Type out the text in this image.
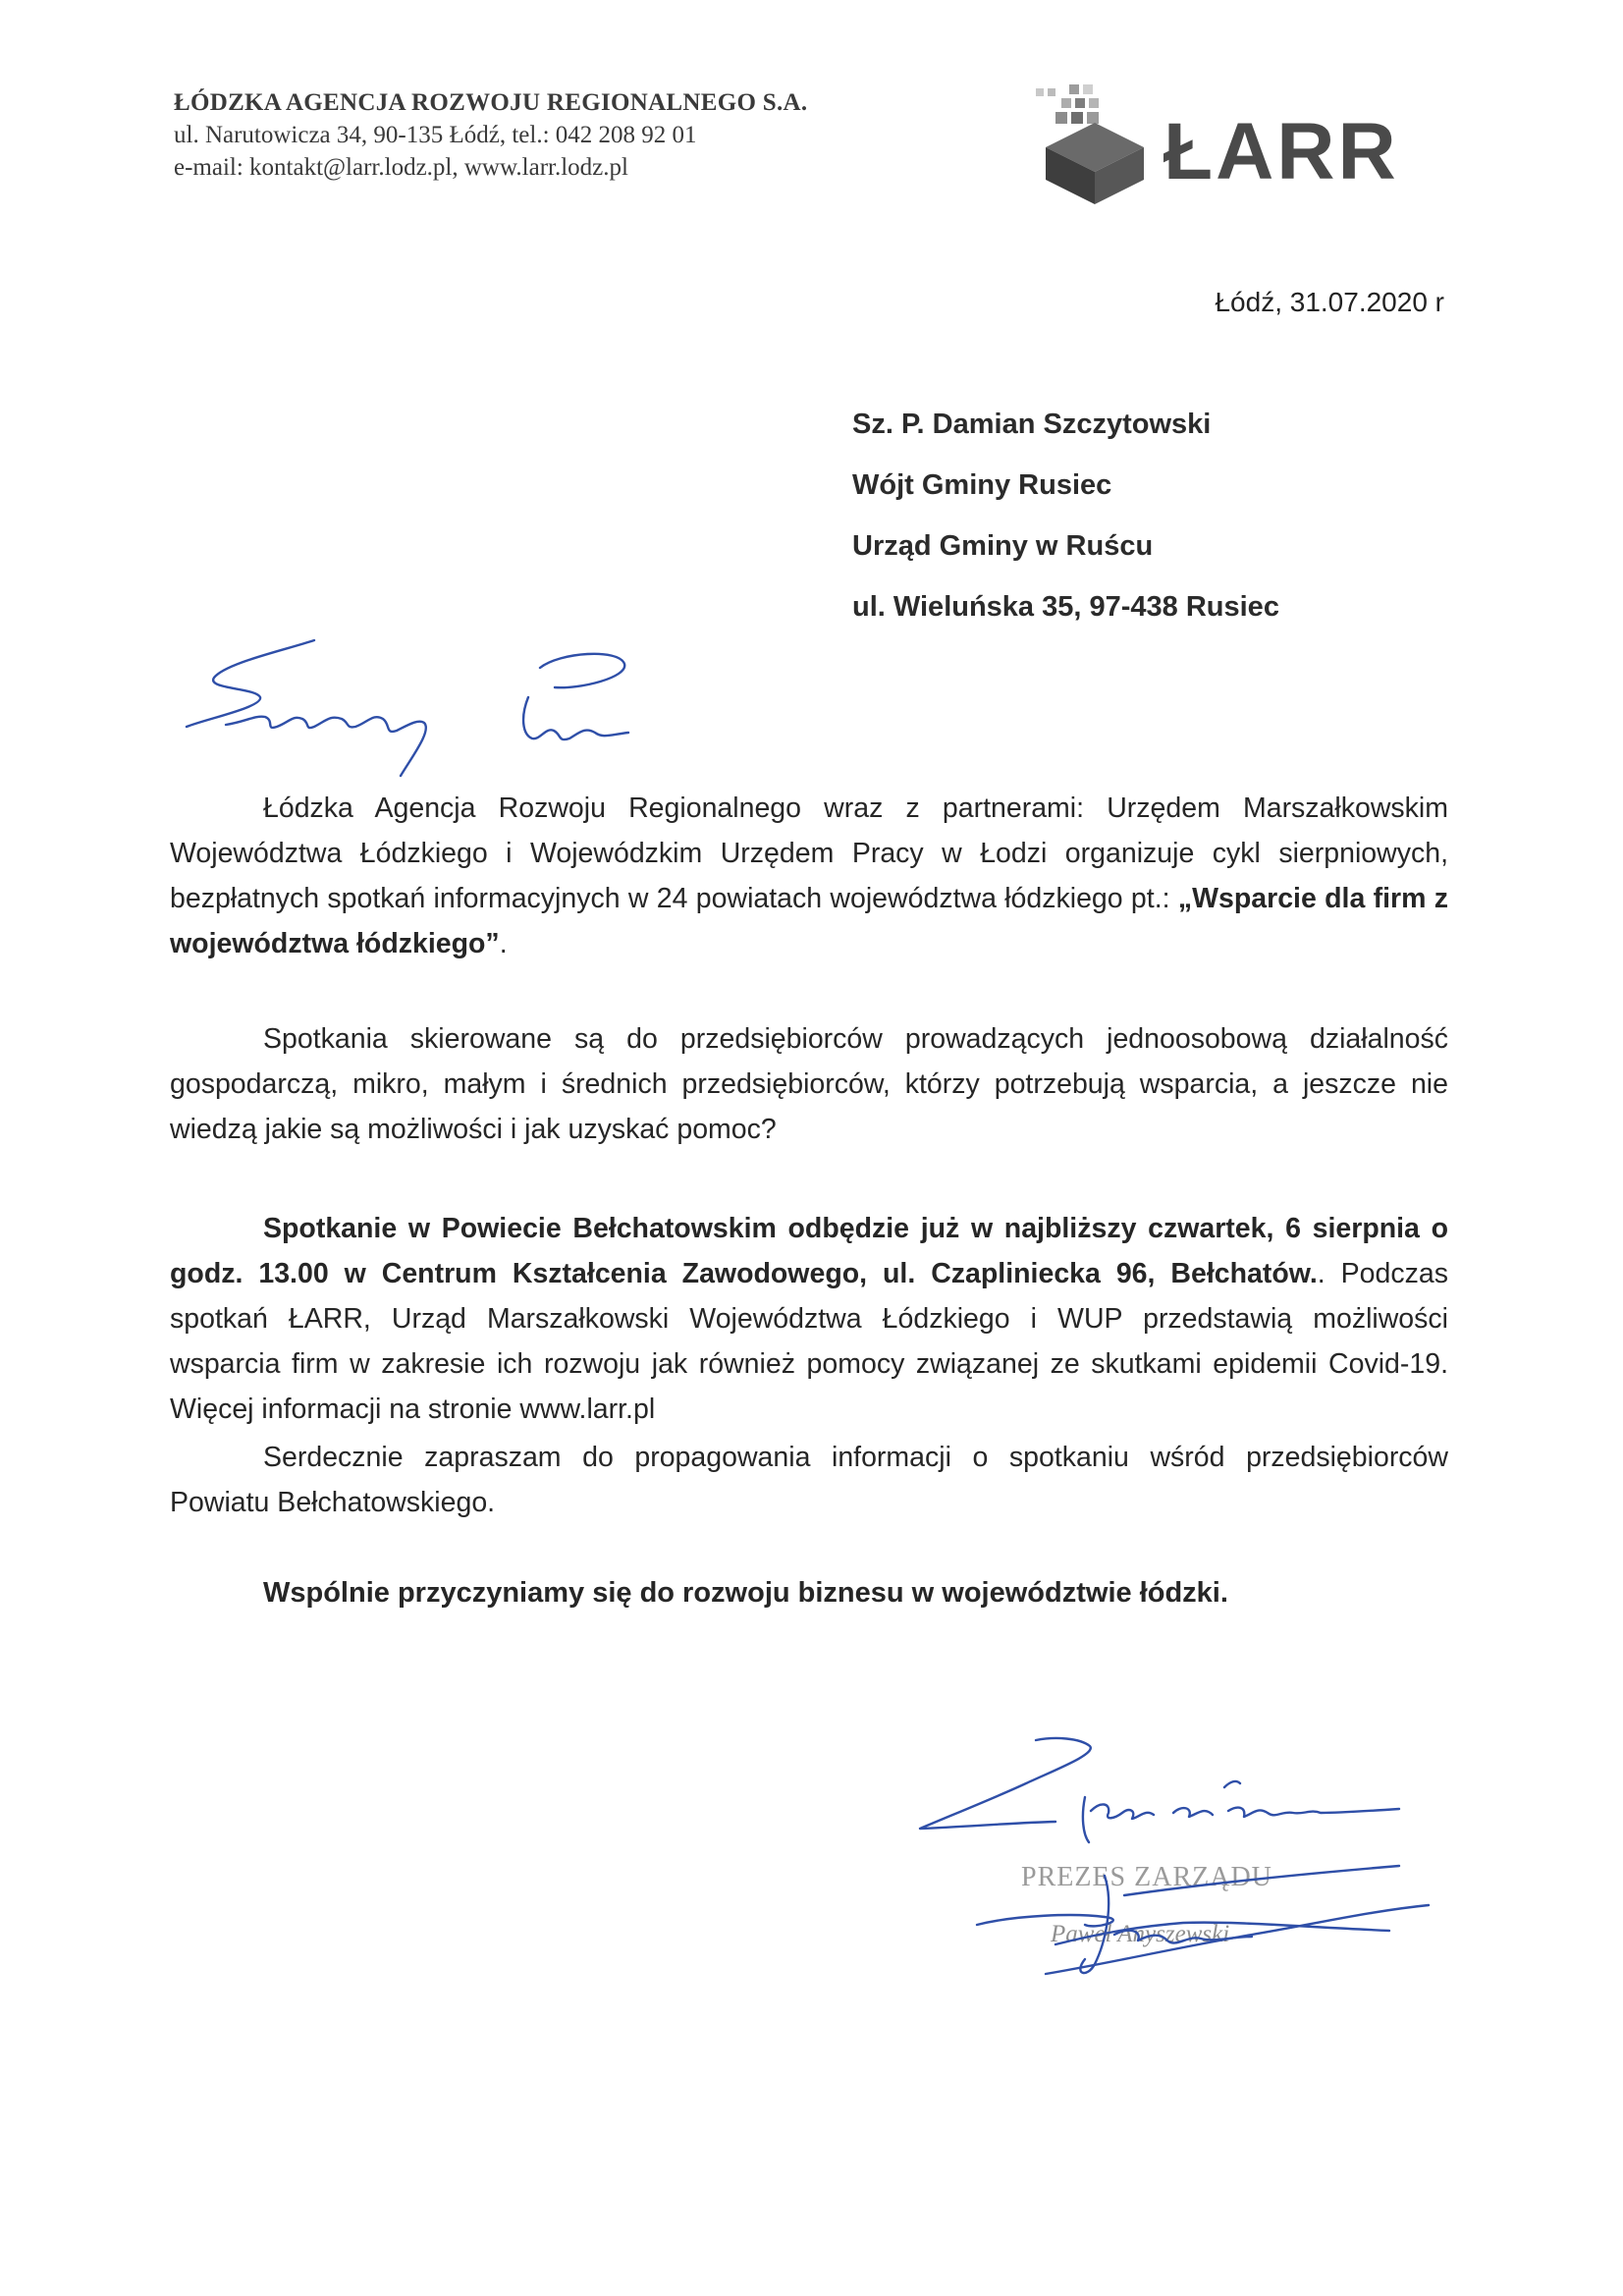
ŁÓDZKA AGENCJA ROZWOJU REGIONALNEGO S.A.
ul. Narutowicza 34, 90-135 Łódź, tel.: 042 208 92 01
e-mail: kontakt@larr.lodz.pl, www.larr.lodz.pl	ŁARR
Łódź, 31.07.2020 r
Sz. P. Damian Szczytowski
Wójt Gminy Rusiec
Urząd Gminy w Ruścu
ul. Wieluńska 35, 97-438 Rusiec
Łódzka Agencja Rozwoju Regionalnego wraz z partnerami: Urzędem Marszałkowskim Województwa Łódzkiego i Wojewódzkim Urzędem Pracy w Łodzi organizuje cykl sierpniowych, bezpłatnych spotkań informacyjnych w 24 powiatach województwa łódzkiego pt.: „Wsparcie dla firm z województwa łódzkiego”.
Spotkania skierowane są do przedsiębiorców prowadzących jednoosobową działalność gospodarczą, mikro, małym i średnich przedsiębiorców, którzy potrzebują wsparcia, a jeszcze nie wiedzą jakie są możliwości i jak uzyskać pomoc?
Spotkanie w Powiecie Bełchatowskim odbędzie już w najbliższy czwartek, 6 sierpnia o godz. 13.00 w Centrum Kształcenia Zawodowego, ul. Czapliniecka 96, Bełchatów.. Podczas spotkań ŁARR, Urząd Marszałkowski Województwa Łódzkiego i WUP przedstawią możliwości wsparcia firm w zakresie ich rozwoju jak również pomocy związanej ze skutkami epidemii Covid-19. Więcej informacji na stronie www.larr.pl
Serdecznie zapraszam do propagowania informacji o spotkaniu wśród przedsiębiorców Powiatu Bełchatowskiego.
Wspólnie przyczyniamy się do rozwoju biznesu w województwie łódzki.
PREZES ZARZĄDU
Paweł Anyszewski
